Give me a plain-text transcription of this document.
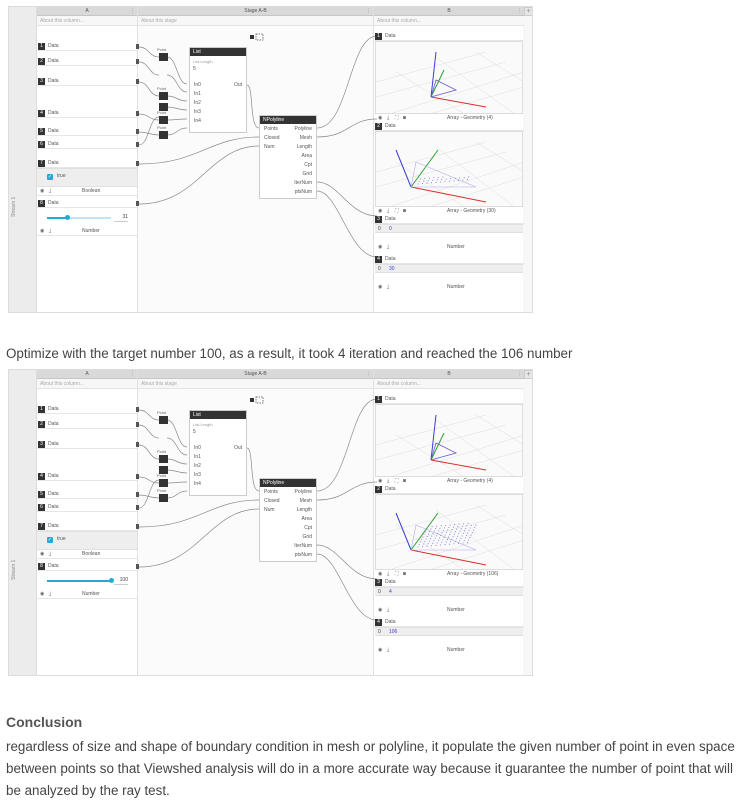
Stream 1
A	⋮	Stage A-B	⋮	B	⋮ +
About this column...	About this stage	About this column...
1	Data
2	Data
3	Data
4	Data
5	Data
6	Data
7	Data
✓ true
◉ ⤓	Boolean
8	Data
31
◉ ⤓	Number
Point
Point
Point
Point
List
List.Length
5
In0
In1
In2
In3
In4
Out
NPolyline
Points
Closed
Num
Polyline
Mesh
Length
Area
Cpt
Grid
IterNum
ptsNum
1	Data
◉ ⤓ ⛶ ◙	Array - Geometry (4)
2	Data
◉ ⤓ ⛶ ◙	Array - Geometry (30)
3	Data
0 0
◉ ⤓	Number
4	Data
0 30
◉ ⤓	Number
Optimize with the target number 100, as a result, it took 4 iteration and reached the 106 number
Stream 1
A	⋮	Stage A-B	⋮	B	⋮ +
About this column...	About this stage	About this column...
1	Data
2	Data
3	Data
4	Data
5	Data
6	Data
7	Data
✓ true
◉ ⤓	Boolean
8	Data
100
◉ ⤓	Number
Point
Point
Point
Point
List
List.Length
5
In0
In1
In2
In3
In4
Out
NPolyline
Points
Closed
Num
Polyline
Mesh
Length
Area
Cpt
Grid
IterNum
ptsNum
1	Data
◉ ⤓ ⛶ ◙	Array - Geometry (4)
2	Data
◉ ⤓ ⛶ ◙	Array - Geometry (106)
3	Data
0 4
◉ ⤓	Number
4	Data
0 106
◉ ⤓	Number
Conclusion
regardless of size and shape of boundary condition in mesh or polyline, it populate the given number of point in even space between points so that Viewshed analysis will do in a more accurate way because it guarantee the number of point that will be analyzed by the ray test.
